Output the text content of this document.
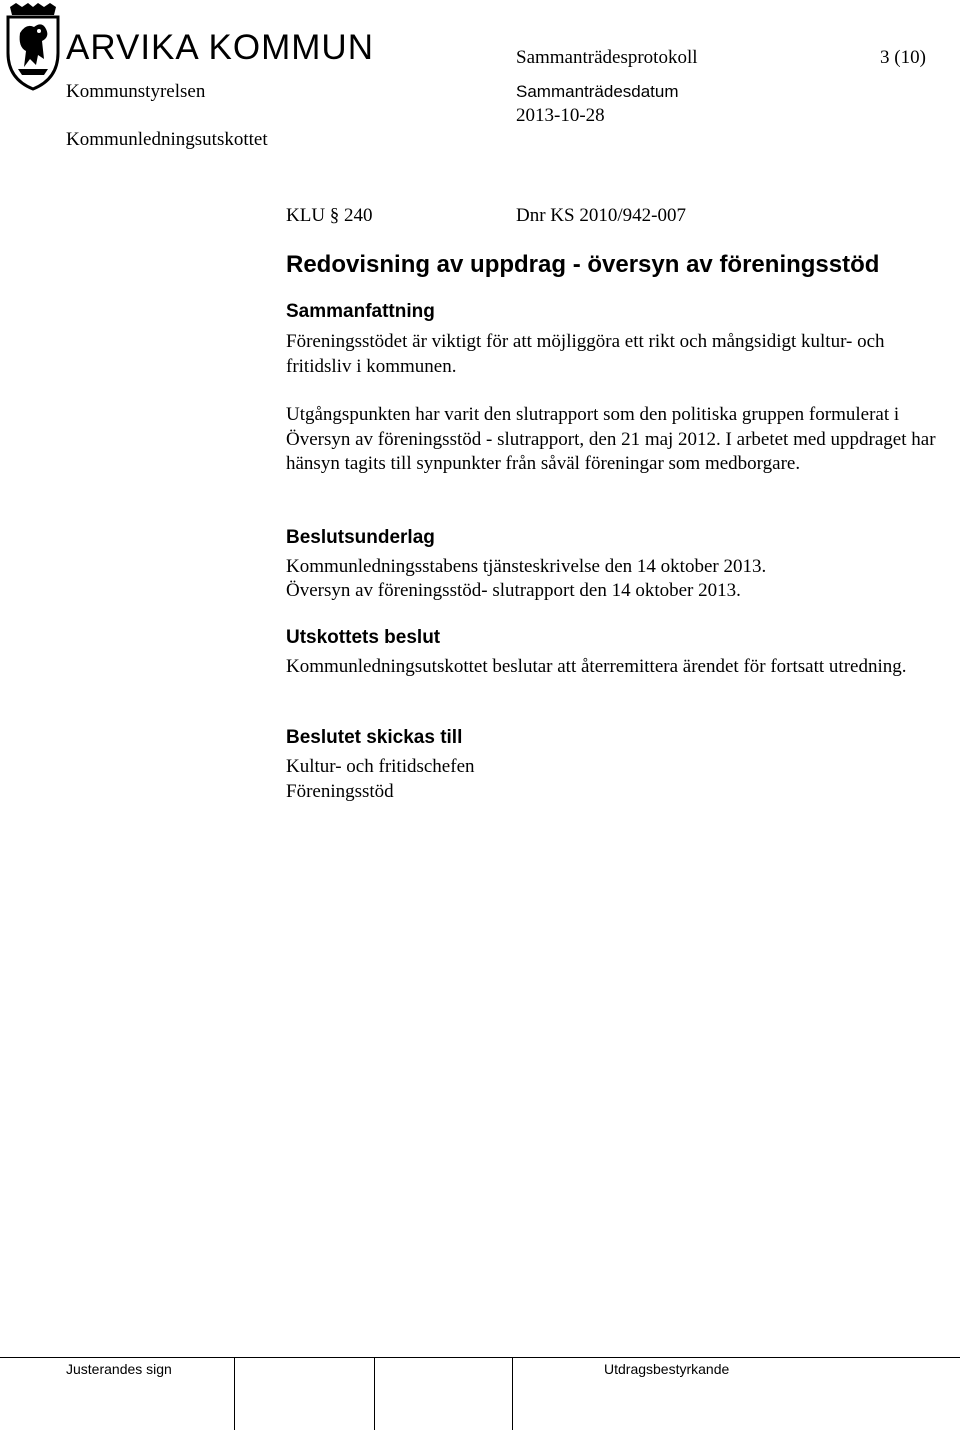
ARVIKA KOMMUN	Sammanträdesprotokoll	3 (10)
Kommunstyrelsen
Kommunledningsutskottet
Sammanträdesdatum
2013-10-28
KLU § 240	Dnr KS 2010/942-007
Redovisning av uppdrag - översyn av föreningsstöd
Sammanfattning
Föreningsstödet är viktigt för att möjliggöra ett rikt och mångsidigt kultur- och fritidsliv i kommunen.
Utgångspunkten har varit den slutrapport som den politiska gruppen formulerat i Översyn av föreningsstöd - slutrapport, den 21 maj 2012. I arbetet med uppdraget har hänsyn tagits till synpunkter från såväl föreningar som medborgare.
Beslutsunderlag
Kommunledningsstabens tjänsteskrivelse den 14 oktober 2013.
Översyn av föreningsstöd- slutrapport den 14 oktober 2013.
Utskottets beslut
Kommunledningsutskottet beslutar att återremittera ärendet för fortsatt utredning.
Beslutet skickas till
Kultur- och fritidschefen
Föreningsstöd
Justerandes sign	Utdragsbestyrkande
